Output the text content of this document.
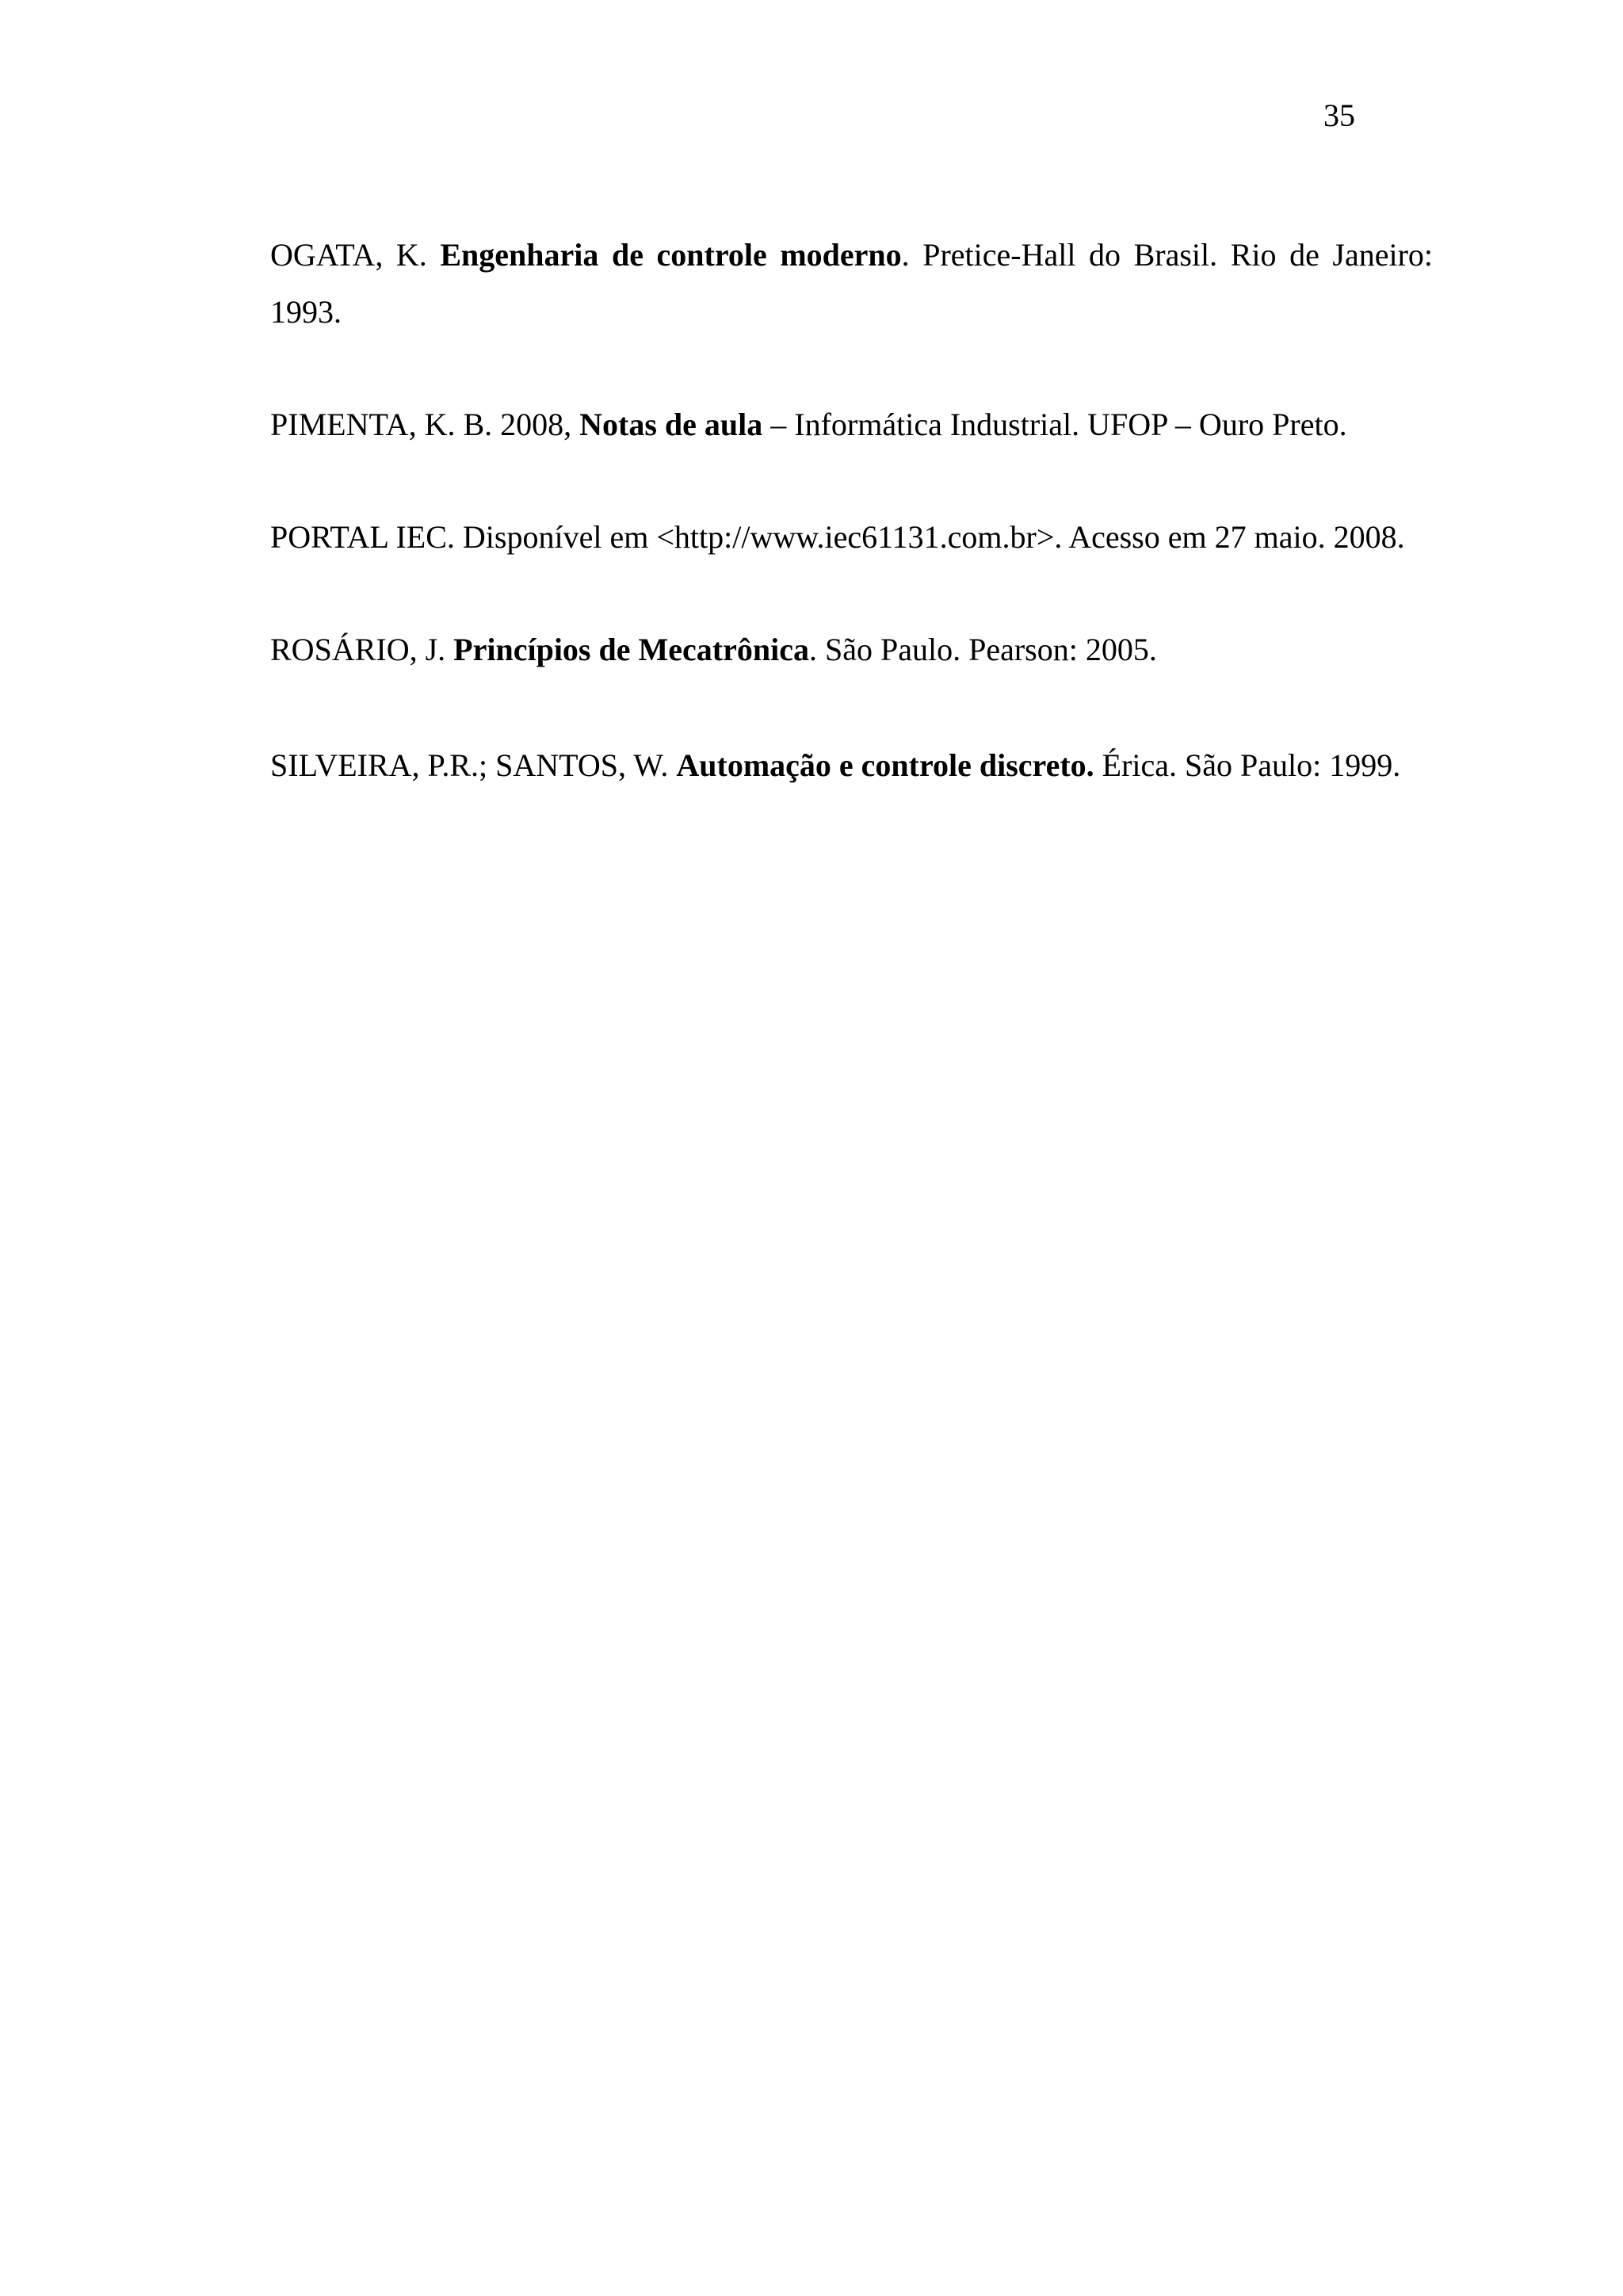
35

OGATA, K. Engenharia de controle moderno. Pretice-Hall do Brasil. Rio de Janeiro: 1993.

PIMENTA, K. B. 2008, Notas de aula – Informática Industrial. UFOP – Ouro Preto.

PORTAL IEC. Disponível em <http://www.iec61131.com.br>. Acesso em 27 maio. 2008.

ROSÁRIO, J. Princípios de Mecatrônica. São Paulo. Pearson: 2005.

SILVEIRA, P.R.; SANTOS, W. Automação e controle discreto. Érica. São Paulo: 1999.
